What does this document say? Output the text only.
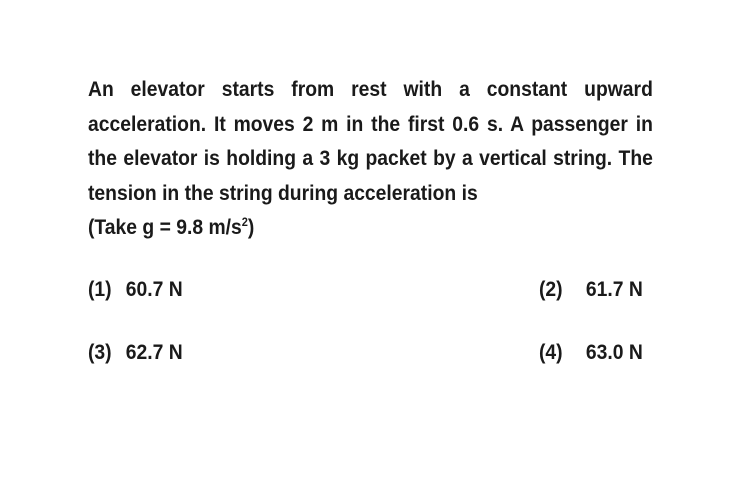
An elevator starts from rest with a constant upward acceleration. It moves 2 m in the first 0.6 s. A passenger in the elevator is holding a 3 kg packet by a vertical string. The tension in the string during acceleration is

(Take g = 9.8 $m/s^2$)

(1) 60.7 N	(2) 61.7 N
(3) 62.7 N	(4) 63.0 N
